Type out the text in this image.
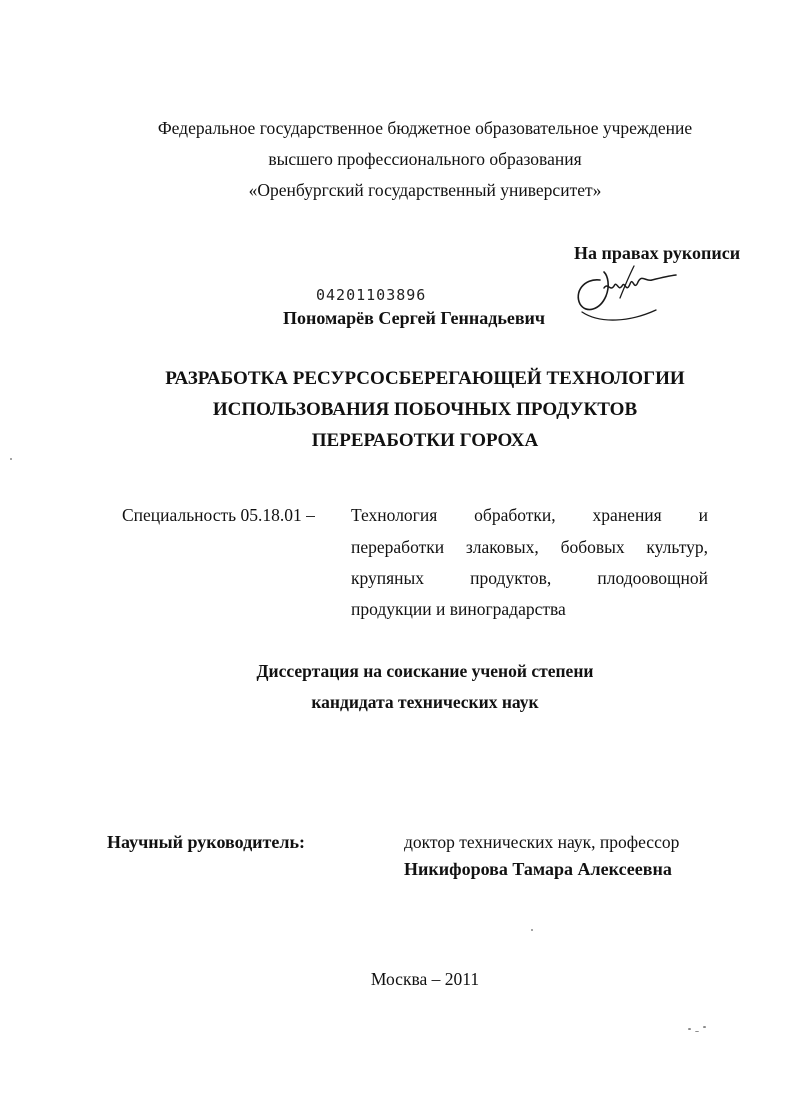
Федеральное государственное бюджетное образовательное учреждение
высшего профессионального образования
«Оренбургский государственный университет»
На правах рукописи
04201103896
Пономарёв Сергей Геннадьевич
РАЗРАБОТКА РЕСУРСОСБЕРЕГАЮЩЕЙ ТЕХНОЛОГИИ
ИСПОЛЬЗОВАНИЯ ПОБОЧНЫХ ПРОДУКТОВ
ПЕРЕРАБОТКИ ГОРОХА
Специальность 05.18.01 – Технология обработки, хранения и
переработки злаковых, бобовых культур,
крупяных продуктов, плодоовощной
продукции и виноградарства
Диссертация на соискание ученой степени
кандидата технических наук
Научный руководитель:	доктор технических наук, профессор
Никифорова Тамара Алексеевна
Москва – 2011
